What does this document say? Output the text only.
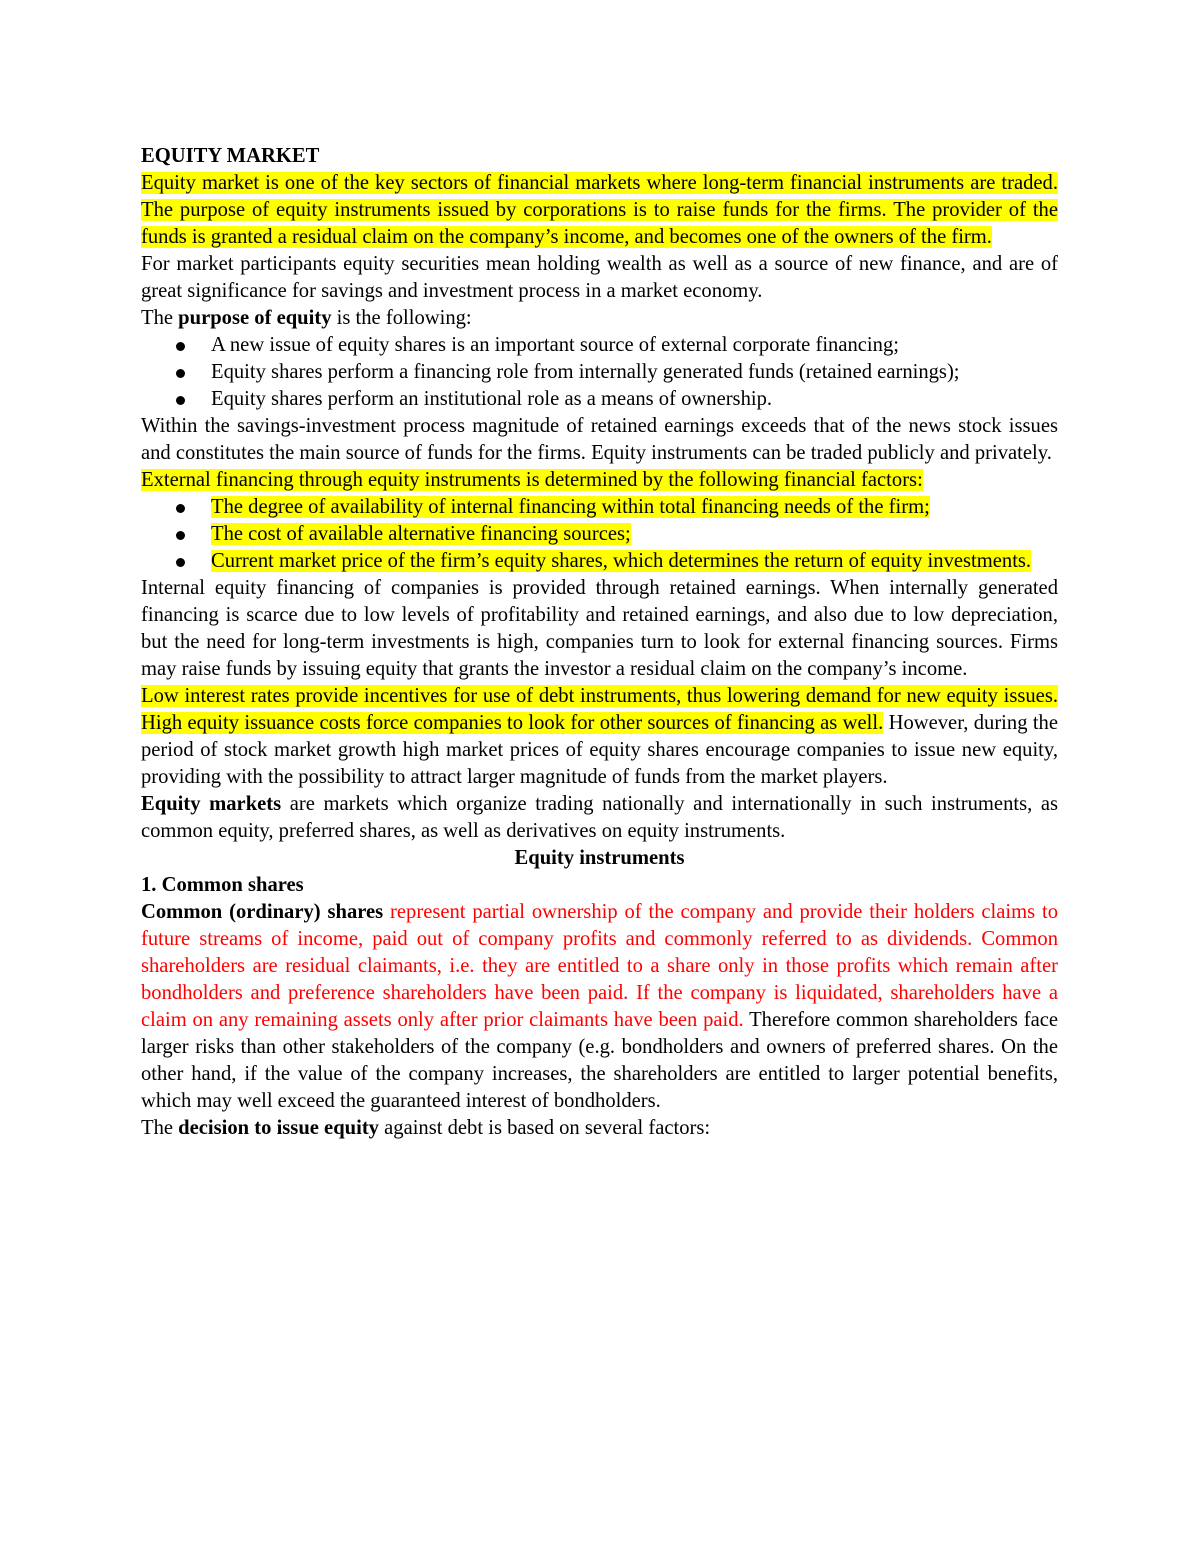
EQUITY MARKET

Equity market is one of the key sectors of financial markets where long-term financial instruments are traded. The purpose of equity instruments issued by corporations is to raise funds for the firms. The provider of the funds is granted a residual claim on the company’s income, and becomes one of the owners of the firm.

For market participants equity securities mean holding wealth as well as a source of new finance, and are of great significance for savings and investment process in a market economy.

The purpose of equity is the following:

A new issue of equity shares is an important source of external corporate financing;
Equity shares perform a financing role from internally generated funds (retained earnings);
Equity shares perform an institutional role as a means of ownership.

Within the savings-investment process magnitude of retained earnings exceeds that of the news stock issues and constitutes the main source of funds for the firms. Equity instruments can be traded publicly and privately.

External financing through equity instruments is determined by the following financial factors:

The degree of availability of internal financing within total financing needs of the firm;
The cost of available alternative financing sources;
Current market price of the firm’s equity shares, which determines the return of equity investments.

Internal equity financing of companies is provided through retained earnings. When internally generated financing is scarce due to low levels of profitability and retained earnings, and also due to low depreciation, but the need for long-term investments is high, companies turn to look for external financing sources. Firms may raise funds by issuing equity that grants the investor a residual claim on the company’s income.

Low interest rates provide incentives for use of debt instruments, thus lowering demand for new equity issues. High equity issuance costs force companies to look for other sources of financing as well. However, during the period of stock market growth high market prices of equity shares encourage companies to issue new equity, providing with the possibility to attract larger magnitude of funds from the market players.

Equity markets are markets which organize trading nationally and internationally in such instruments, as common equity, preferred shares, as well as derivatives on equity instruments.

Equity instruments

1. Common shares

Common (ordinary) shares represent partial ownership of the company and provide their holders claims to future streams of income, paid out of company profits and commonly referred to as dividends. Common shareholders are residual claimants, i.e. they are entitled to a share only in those profits which remain after bondholders and preference shareholders have been paid. If the company is liquidated, shareholders have a claim on any remaining assets only after prior claimants have been paid. Therefore common shareholders face larger risks than other stakeholders of the company (e.g. bondholders and owners of preferred shares. On the other hand, if the value of the company increases, the shareholders are entitled to larger potential benefits, which may well exceed the guaranteed interest of bondholders.

The decision to issue equity against debt is based on several factors:
